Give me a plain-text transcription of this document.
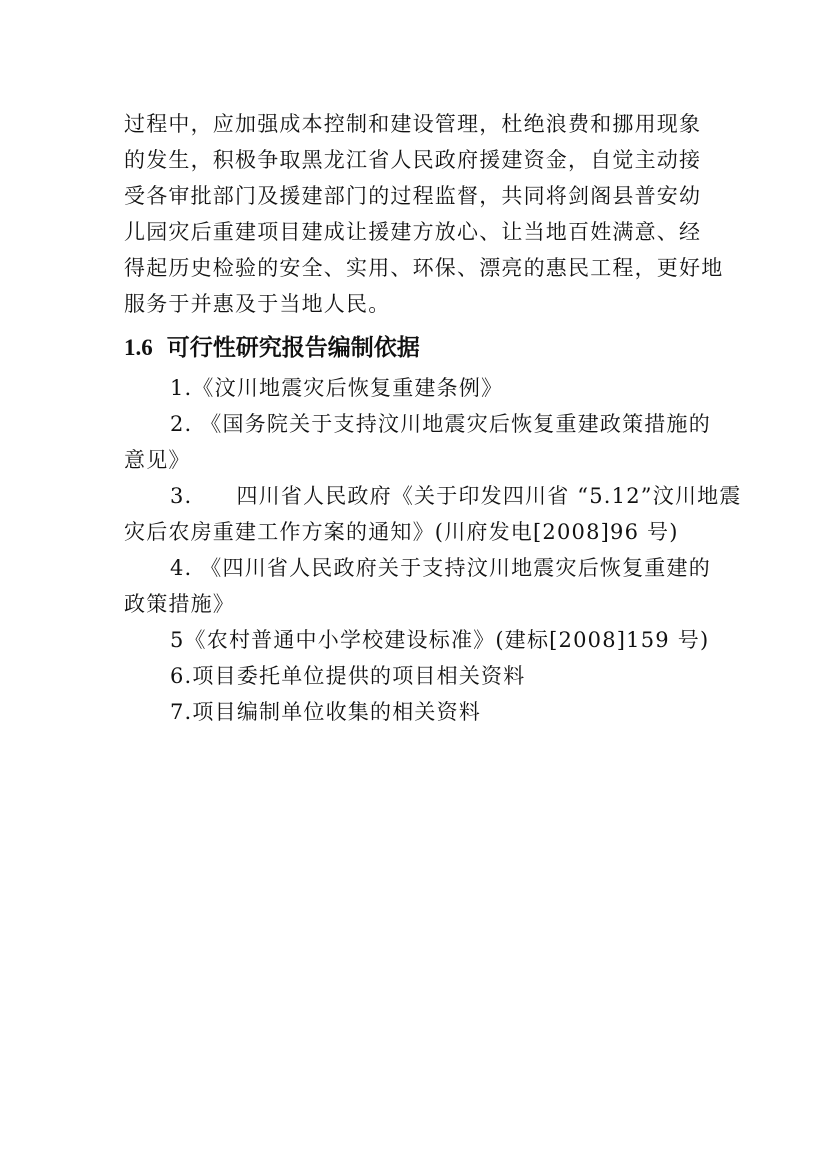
过程中，应加强成本控制和建设管理，杜绝浪费和挪用现象
的发生，积极争取黑龙江省人民政府援建资金，自觉主动接
受各审批部门及援建部门的过程监督，共同将剑阁县普安幼
儿园灾后重建项目建成让援建方放心、让当地百姓满意、经
得起历史检验的安全、实用、环保、漂亮的惠民工程，更好地
服务于并惠及于当地人民。
1.6 可行性研究报告编制依据
1.《汶川地震灾后恢复重建条例》
2. 《国务院关于支持汶川地震灾后恢复重建政策措施的
意见》
3. 四川省人民政府《关于印发四川省 “5.12”汶川地震
灾后农房重建工作方案的通知》(川府发电[2008]96 号)
4. 《四川省人民政府关于支持汶川地震灾后恢复重建的
政策措施》
5《农村普通中小学校建设标准》(建标[2008]159 号)
6.项目委托单位提供的项目相关资料
7.项目编制单位收集的相关资料
